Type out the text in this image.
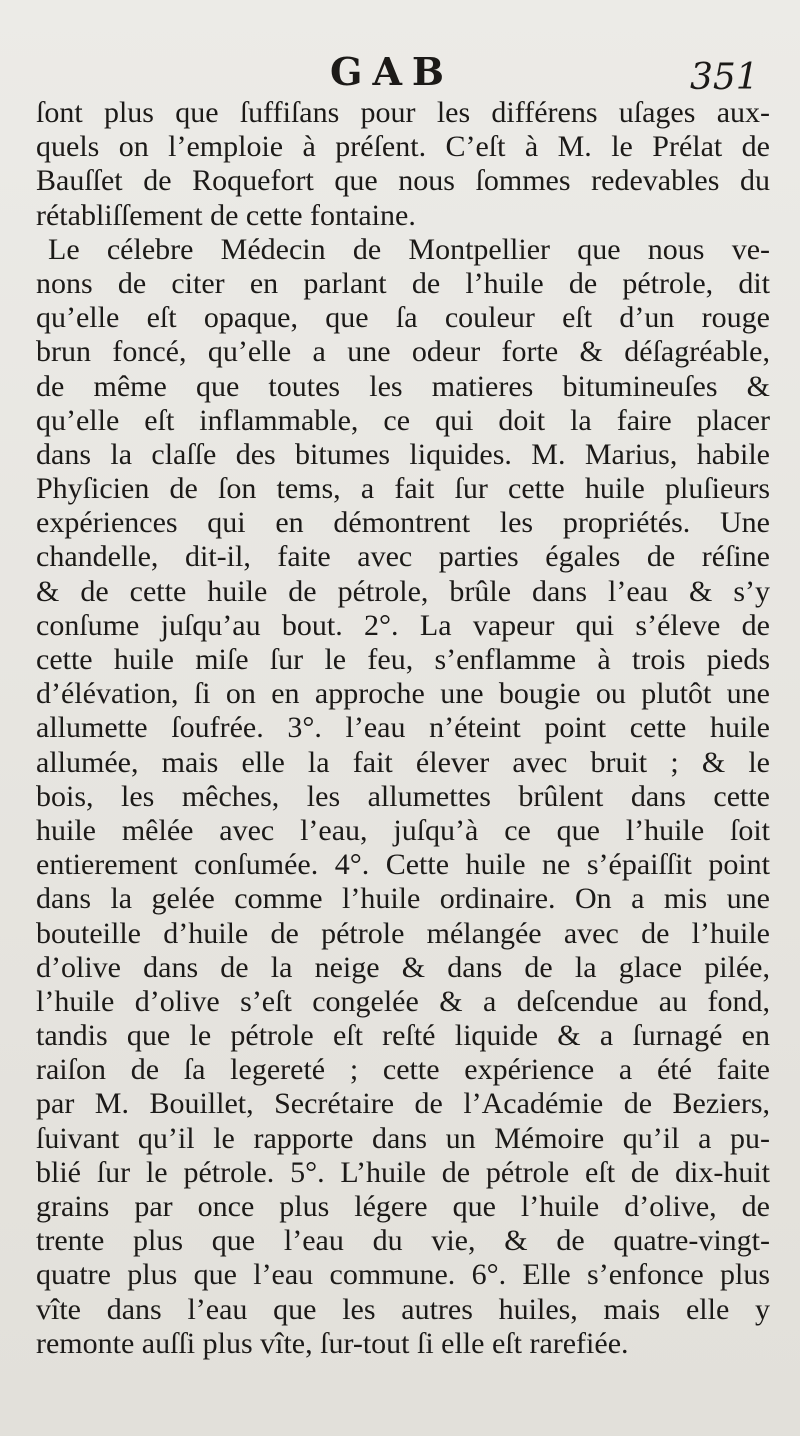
GAB	351
ſont plus que ſuffiſans pour les différens uſages aux-
quels on l’emploie à préſent. C’eſt à M. le Prélat de
Bauſſet de Roquefort que nous ſommes redevables du
rétabliſſement de cette fontaine.
Le célebre Médecin de Montpellier que nous ve-
nons de citer en parlant de l’huile de pétrole, dit
qu’elle eſt opaque, que ſa couleur eſt d’un rouge
brun foncé, qu’elle a une odeur forte & déſagréable,
de même que toutes les matieres bitumineuſes &
qu’elle eſt inflammable, ce qui doit la faire placer
dans la claſſe des bitumes liquides. M. Marius, habile
Phyſicien de ſon tems, a fait ſur cette huile pluſieurs
expériences qui en démontrent les propriétés. Une
chandelle, dit-il, faite avec parties égales de réſine
& de cette huile de pétrole, brûle dans l’eau & s’y
conſume juſqu’au bout. 2°. La vapeur qui s’éleve de
cette huile miſe ſur le feu, s’enflamme à trois pieds
d’élévation, ſi on en approche une bougie ou plutôt une
allumette ſoufrée. 3°. l’eau n’éteint point cette huile
allumée, mais elle la fait élever avec bruit ; & le
bois, les mêches, les allumettes brûlent dans cette
huile mêlée avec l’eau, juſqu’à ce que l’huile ſoit
entierement conſumée. 4°. Cette huile ne s’épaiſſit point
dans la gelée comme l’huile ordinaire. On a mis une
bouteille d’huile de pétrole mélangée avec de l’huile
d’olive dans de la neige & dans de la glace pilée,
l’huile d’olive s’eſt congelée & a deſcendue au fond,
tandis que le pétrole eſt reſté liquide & a ſurnagé en
raiſon de ſa legereté ; cette expérience a été faite
par M. Bouillet, Secrétaire de l’Académie de Beziers,
ſuivant qu’il le rapporte dans un Mémoire qu’il a pu-
blié ſur le pétrole. 5°. L’huile de pétrole eſt de dix-huit
grains par once plus légere que l’huile d’olive, de
trente plus que l’eau du vie, & de quatre-vingt-
quatre plus que l’eau commune. 6°. Elle s’enfonce plus
vîte dans l’eau que les autres huiles, mais elle y
remonte auſſi plus vîte, ſur-tout ſi elle eſt rarefiée.
